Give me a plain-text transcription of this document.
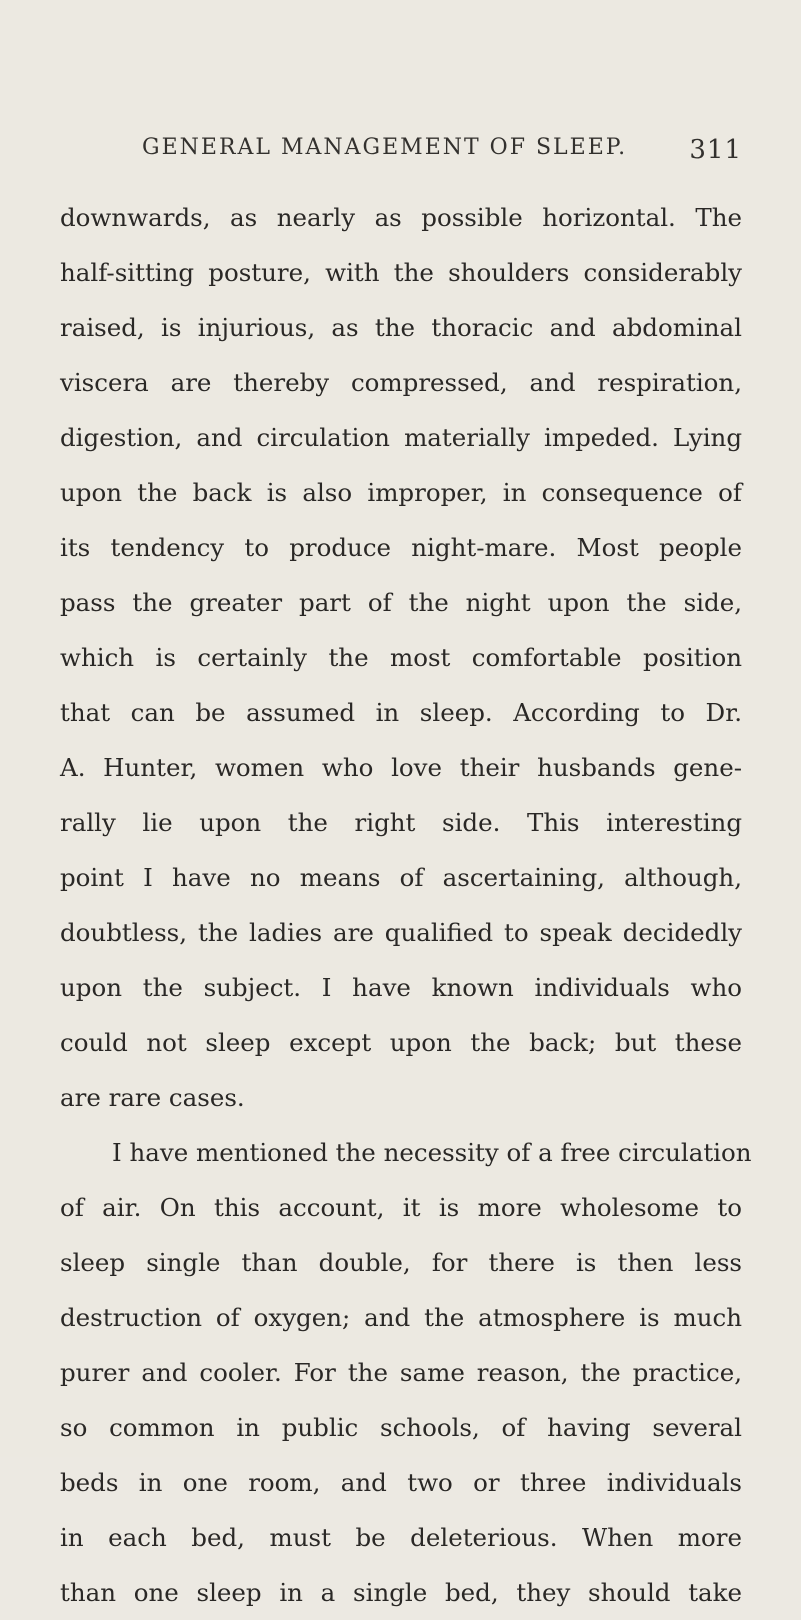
GENERAL MANAGEMENT OF SLEEP. 311
downwards, as nearly as possible horizontal. The
half-sitting posture, with the shoulders considerably
raised, is injurious, as the thoracic and abdominal
viscera are thereby compressed, and respiration,
digestion, and circulation materially impeded. Lying
upon the back is also improper, in consequence of
its tendency to produce night-mare. Most people
pass the greater part of the night upon the side,
which is certainly the most comfortable position
that can be assumed in sleep. According to Dr.
A. Hunter, women who love their husbands gene-
rally lie upon the right side. This interesting
point I have no means of ascertaining, although,
doubtless, the ladies are qualified to speak decidedly
upon the subject. I have known individuals who
could not sleep except upon the back; but these
are rare cases.
I have mentioned the necessity of a free circulation
of air. On this account, it is more wholesome to
sleep single than double, for there is then less
destruction of oxygen; and the atmosphere is much
purer and cooler. For the same reason, the practice,
so common in public schools, of having several
beds in one room, and two or three individuals
in each bed, must be deleterious. When more
than one sleep in a single bed, they should take
